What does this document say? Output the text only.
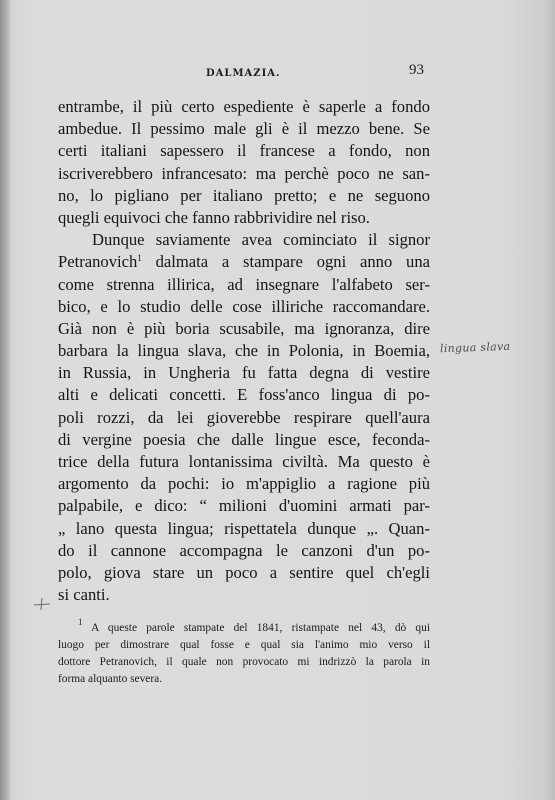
DALMAZIA.	93
entrambe, il più certo espediente è saperle a fondo
ambedue. Il pessimo male gli è il mezzo bene. Se
certi italiani sapessero il francese a fondo, non
iscriverebbero infrancesato: ma perchè poco ne san-
no, lo pigliano per italiano pretto; e ne seguono
quegli equivoci che fanno rabbrividire nel riso.
Dunque saviamente avea cominciato il signor
Petranovich$^1$ dalmata a stampare ogni anno una
come strenna illirica, ad insegnare l'alfabeto ser-
bico, e lo studio delle cose illiriche raccomandare.
Già non è più boria scusabile, ma ignoranza, dire
barbara la lingua slava, che in Polonia, in Boemia,
in Russia, in Ungheria fu fatta degna di vestire
alti e delicati concetti. E foss'anco lingua di po-
poli rozzi, da lei gioverebbe respirare quell'aura
di vergine poesia che dalle lingue esce, feconda-
trice della futura lontanissima civiltà. Ma questo è
argomento da pochi: io m'appiglio a ragione più
palpabile, e dico: “ milioni d'uomini armati par-
„ lano questa lingua; rispettatela dunque „. Quan-
do il cannone accompagna le canzoni d'un po-
polo, giova stare un poco a sentire quel ch'egli
si canti.
$^1$ A queste parole stampate del 1841, ristampate nel 43, dò qui
luogo per dimostrare qual fosse e qual sia l'animo mio verso il
dottore Petranovich, il quale non provocato mi indrizzò la parola in
forma alquanto severa.
lingua slava
